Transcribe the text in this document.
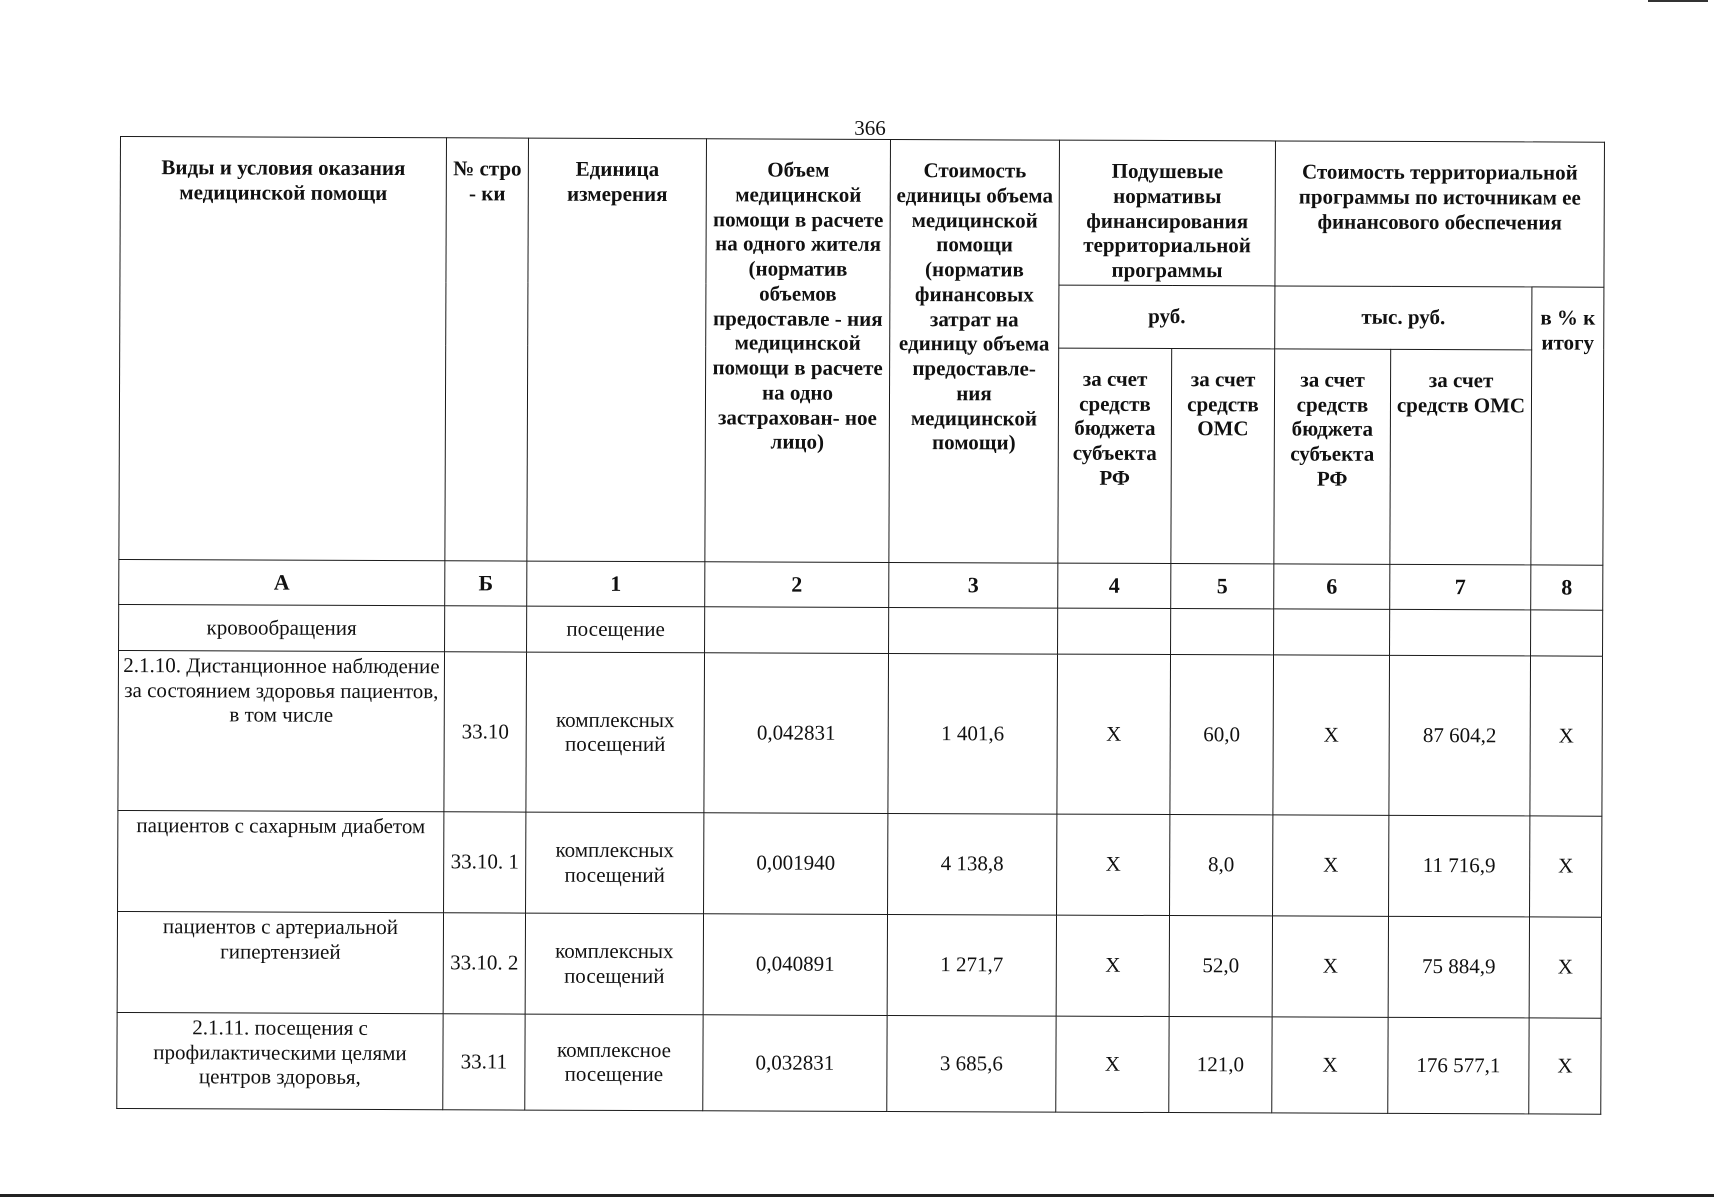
366
Виды и условия оказания медицинской помощи	№ стро - ки	Единица измерения	Объем медицинской помощи в расчете на одного жителя (норматив объемов предоставле - ния медицинской помощи в расчете на одно застрахован- ное лицо)	Стоимость единицы объема медицинской помощи (норматив финансовых затрат на единицу объема предоставле- ния медицинской помощи)	Подушевые нормативы финансирования территориальной программы		Стоимость территориальной программы по источникам ее финансового обеспечения		
					руб.		тыс. руб.		в % к итогу
					за счет средств бюджета субъекта РФ	за счет средств ОМС	за счет средств бюджета субъекта РФ	за счет средств ОМС	
А	Б	1	2	3	4	5	6	7	8
кровообращения		посещение							
2.1.10. Дистанционное наблюдение за состоянием здоровья пациентов, в том числе	33.10	комплексных посещений	0,042831	1 401,6	Х	60,0	Х	87 604,2	Х
пациентов с сахарным диабетом	33.10. 1	комплексных посещений	0,001940	4 138,8	Х	8,0	Х	11 716,9	Х
пациентов с артериальной гипертензией	33.10. 2	комплексных посещений	0,040891	1 271,7	Х	52,0	Х	75 884,9	Х
2.1.11. посещения с профилактическими целями центров здоровья,	33.11	комплексное посещение	0,032831	3 685,6	Х	121,0	Х	176 577,1	Х
